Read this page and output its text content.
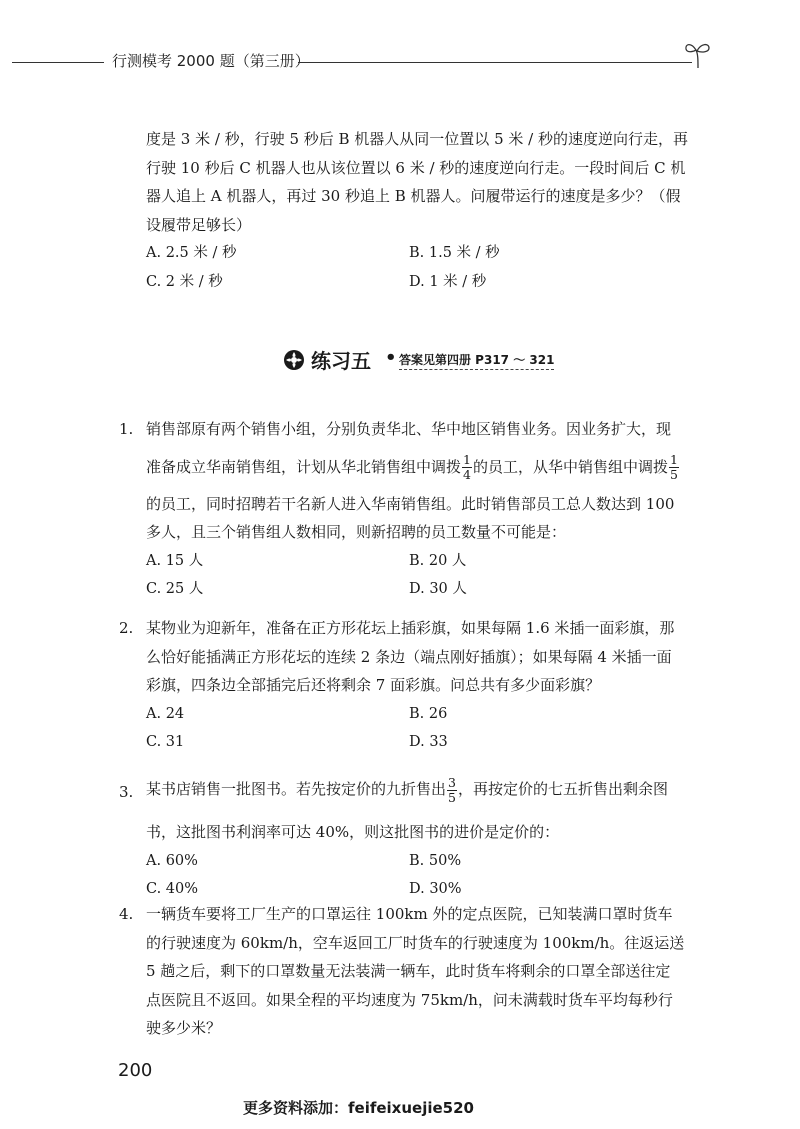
行测模考 2000 题（第三册）

度是 3 米 / 秒，行驶 5 秒后 B 机器人从同一位置以 5 米 / 秒的速度逆向行走，再

行驶 10 秒后 C 机器人也从该位置以 6 米 / 秒的速度逆向行走。一段时间后 C 机

器人追上 A 机器人，再过 30 秒追上 B 机器人。问履带运行的速度是多少？（假

设履带足够长）

A. 2.5 米 / 秒	B. 1.5 米 / 秒
C. 2 米 / 秒	D. 1 米 / 秒
练习五 • 答案见第四册 P317 ～ 321
1. 销售部原有两个销售小组，分别负责华北、华中地区销售业务。因业务扩大，现

准备成立华南销售组，计划从华北销售组中调拨 $\frac{1}{4}$ 的员工，从华中销售组中调拨 $\frac{1}{5}$

的员工，同时招聘若干名新人进入华南销售组。此时销售部员工总人数达到 100

多人，且三个销售组人数相同，则新招聘的员工数量不可能是：

A. 15 人	B. 20 人
C. 25 人	D. 30 人
2. 某物业为迎新年，准备在正方形花坛上插彩旗，如果每隔 1.6 米插一面彩旗，那

么恰好能插满正方形花坛的连续 2 条边（端点刚好插旗）；如果每隔 4 米插一面

彩旗，四条边全部插完后还将剩余 7 面彩旗。问总共有多少面彩旗？

A. 24	B. 26
C. 31	D. 33
3. 某书店销售一批图书。若先按定价的九折售出 $\frac{3}{5}$ ，再按定价的七五折售出剩余图

书，这批图书利润率可达 40%，则这批图书的进价是定价的：

A. 60%	B. 50%
C. 40%	D. 30%
4. 一辆货车要将工厂生产的口罩运往 100km 外的定点医院，已知装满口罩时货车

的行驶速度为 60km/h，空车返回工厂时货车的行驶速度为 100km/h。往返运送

5 趟之后，剩下的口罩数量无法装满一辆车，此时货车将剩余的口罩全部送往定

点医院且不返回。如果全程的平均速度为 75km/h，问未满载时货车平均每秒行

驶多少米？

200
更多资料添加：feifeixuejie520
